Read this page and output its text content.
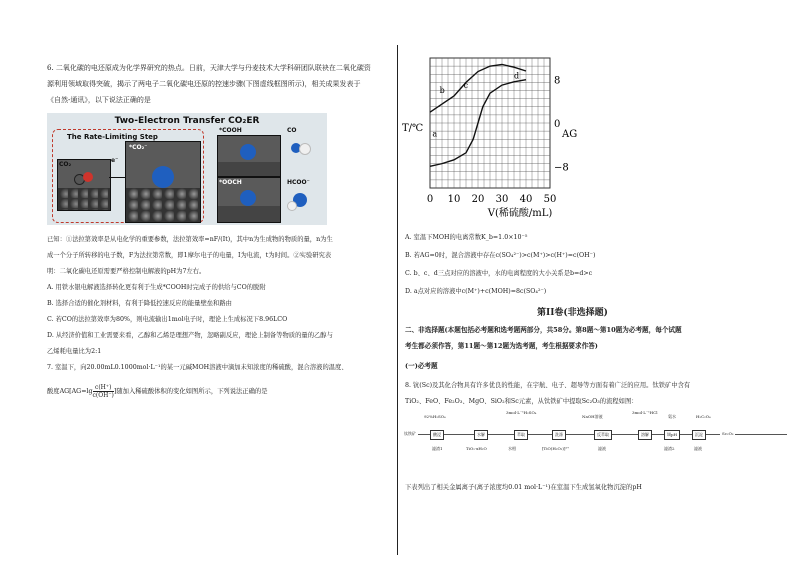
6. 二氧化碳的电还原成为化学界研究的热点。日前，天津大学与丹麦技术大学科研团队联袂在二氧化碳资
源利用领域取得突破，揭示了两电子二氧化碳电还原的控速步骤(下图虚线框图所示)，相关成果发表于
《自然-通讯》，以下说法正确的是
Two-Electron Transfer CO₂ER
The Rate-Limiting Step
CO₂
e⁻
*CO₂⁻
*COOH	CO
*OOCH	HCOO⁻
已知：①法拉第效率是从电化学的重要参数，法拉第效率=nF/(It)，其中n为生成物的物质的量，n为生
成一个分子所转移的电子数，F为法拉第常数，即1摩尔电子的电量，I为电流，t为时间。②实验研究表
明：二氧化碳电还原需要严格控制电解液的pH为7左右。
A. 用铁水银电解液选择转化更有利于生成*COOH时完成子的供给与CO的脱附
B. 选择合适的催化剂材料，有利于降低控速反应的能量壁垒和路由
C. 若CO的法拉第效率为80%，则电流输出1mol电子时，理论上生成标况下8.96LCO
D. 从经济价值和工业需要来看，乙醇和乙烯是理想产物，忽略副反应，理论上制备等物质的量的乙醇与
乙烯耗电量比为2:1
7. 室温下，向20.00mL0.1000mol·L⁻¹的某一元碱MOH溶液中滴加未知浓度的稀硫酸，混合溶液的温度、
酸度$AG[AG=\lg \frac{c(H^+)}{c(OH^-)}$ ]随加入稀硫酸体积的变化如图所示，下列说法正确的是
0 10 20 30 40 50
8
0
−8
V(稀硫酸/mL)
T/℃
AG
a
b
c
d
A. 室温下MOH的电离常数K_b=1.0×10⁻⁵
B. 若AG=0时，混合溶液中存在c(SO₄²⁻)>c(M⁺)>c(H⁺)=c(OH⁻)
C. b、c、d三点对应的溶液中，水的电离程度的大小关系是b=d>c
D. a点对应的溶液中c(M⁺)+c(MOH)=8c(SO₄²⁻)
第II卷(非选择题)
二、非选择题(本题包括必考题和选考题两部分，共58分。第8题～第10题为必考题，每个试题
考生都必须作答，第11题～第12题为选考题，考生根据要求作答)
(一)必考题
8. 钪(Sc)及其化合物具有许多优良的性能，在宇航、电子、超导等方面有着广泛的应用。钛铁矿中含有
TiO₂、FeO、Fe₂O₃、MgO、SiO₂和Sc元素，从钛铁矿中提取Sc₂O₃的流程如图：
钛铁矿	酸浸	水解	萃取	洗涤	反萃取	溶解	调pH	沉淀	Sc₂O₃
92%H₂SO₄
3mol·L⁻¹H₂SO₄
NaOH溶液
3mol·L⁻¹HCl
氨水	H₂C₂O₄
滤渣1	TiO₂·xH₂O	水相	[TiO(H₂O₂)]²⁺	滤液	滤渣2	滤液
下表列出了相关金属离子(离子浓度均0.01 mol·L⁻¹)在室温下生成氢氧化物沉淀的pH
